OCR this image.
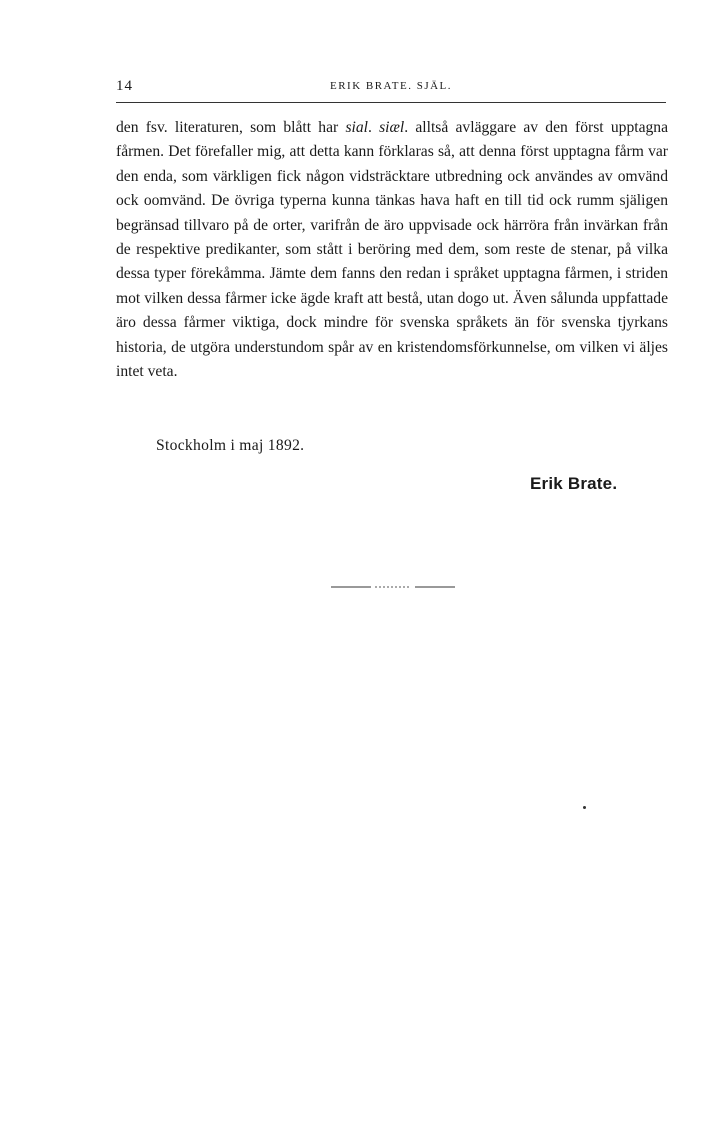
14	ERIK BRATE. SJÄL.

den fsv. literaturen, som blått har sial. siæl. alltså avläggare av den först upptagna fårmen. Det förefaller mig, att detta kann förklaras så, att denna först upptagna fårm var den enda, som värkligen fick någon vidsträcktare utbredning ock användes av omvänd ock oomvänd. De övriga typerna kunna tänkas hava haft en till tid ock rumm själigen begränsad tillvaro på de orter, varifrån de äro uppvisade ock härröra från invärkan från de respektive predikanter, som stått i beröring med dem, som reste de stenar, på vilka dessa typer förekåmma. Jämte dem fanns den redan i språket upptagna fårmen, i striden mot vilken dessa fårmer icke ägde kraft att bestå, utan dogo ut. Även sålunda uppfattade äro dessa fårmer viktiga, dock mindre för svenska språkets än för svenska tjyrkans historia, de utgöra understundom spår av en kristendomsförkunnelse, om vilken vi äljes intet veta.

Stockholm i maj 1892.
Erik Brate.
